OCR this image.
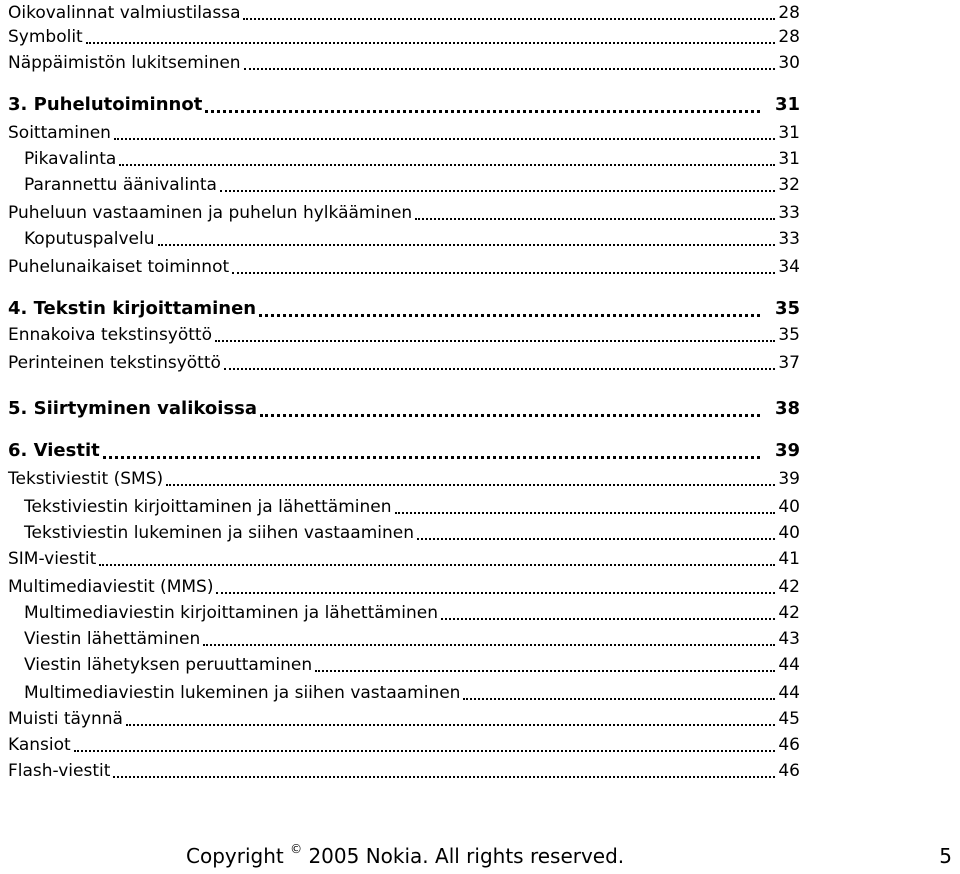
Oikovalinnat valmiustilassa	28
Symbolit	28
Näppäimistön lukitseminen	30
3. Puhelutoiminnot	31
Soittaminen	31
Pikavalinta	31
Parannettu äänivalinta	32
Puheluun vastaaminen ja puhelun hylkääminen	33
Koputuspalvelu	33
Puhelunaikaiset toiminnot	34
4. Tekstin kirjoittaminen	35
Ennakoiva tekstinsyöttö	35
Perinteinen tekstinsyöttö	37
5. Siirtyminen valikoissa	38
6. Viestit	39
Tekstiviestit (SMS)	39
Tekstiviestin kirjoittaminen ja lähettäminen	40
Tekstiviestin lukeminen ja siihen vastaaminen	40
SIM-viestit	41
Multimediaviestit (MMS)	42
Multimediaviestin kirjoittaminen ja lähettäminen	42
Viestin lähettäminen	43
Viestin lähetyksen peruuttaminen	44
Multimediaviestin lukeminen ja siihen vastaaminen	44
Muisti täynnä	45
Kansiot	46
Flash-viestit	46
Copyright © 2005 Nokia. All rights reserved.	5
